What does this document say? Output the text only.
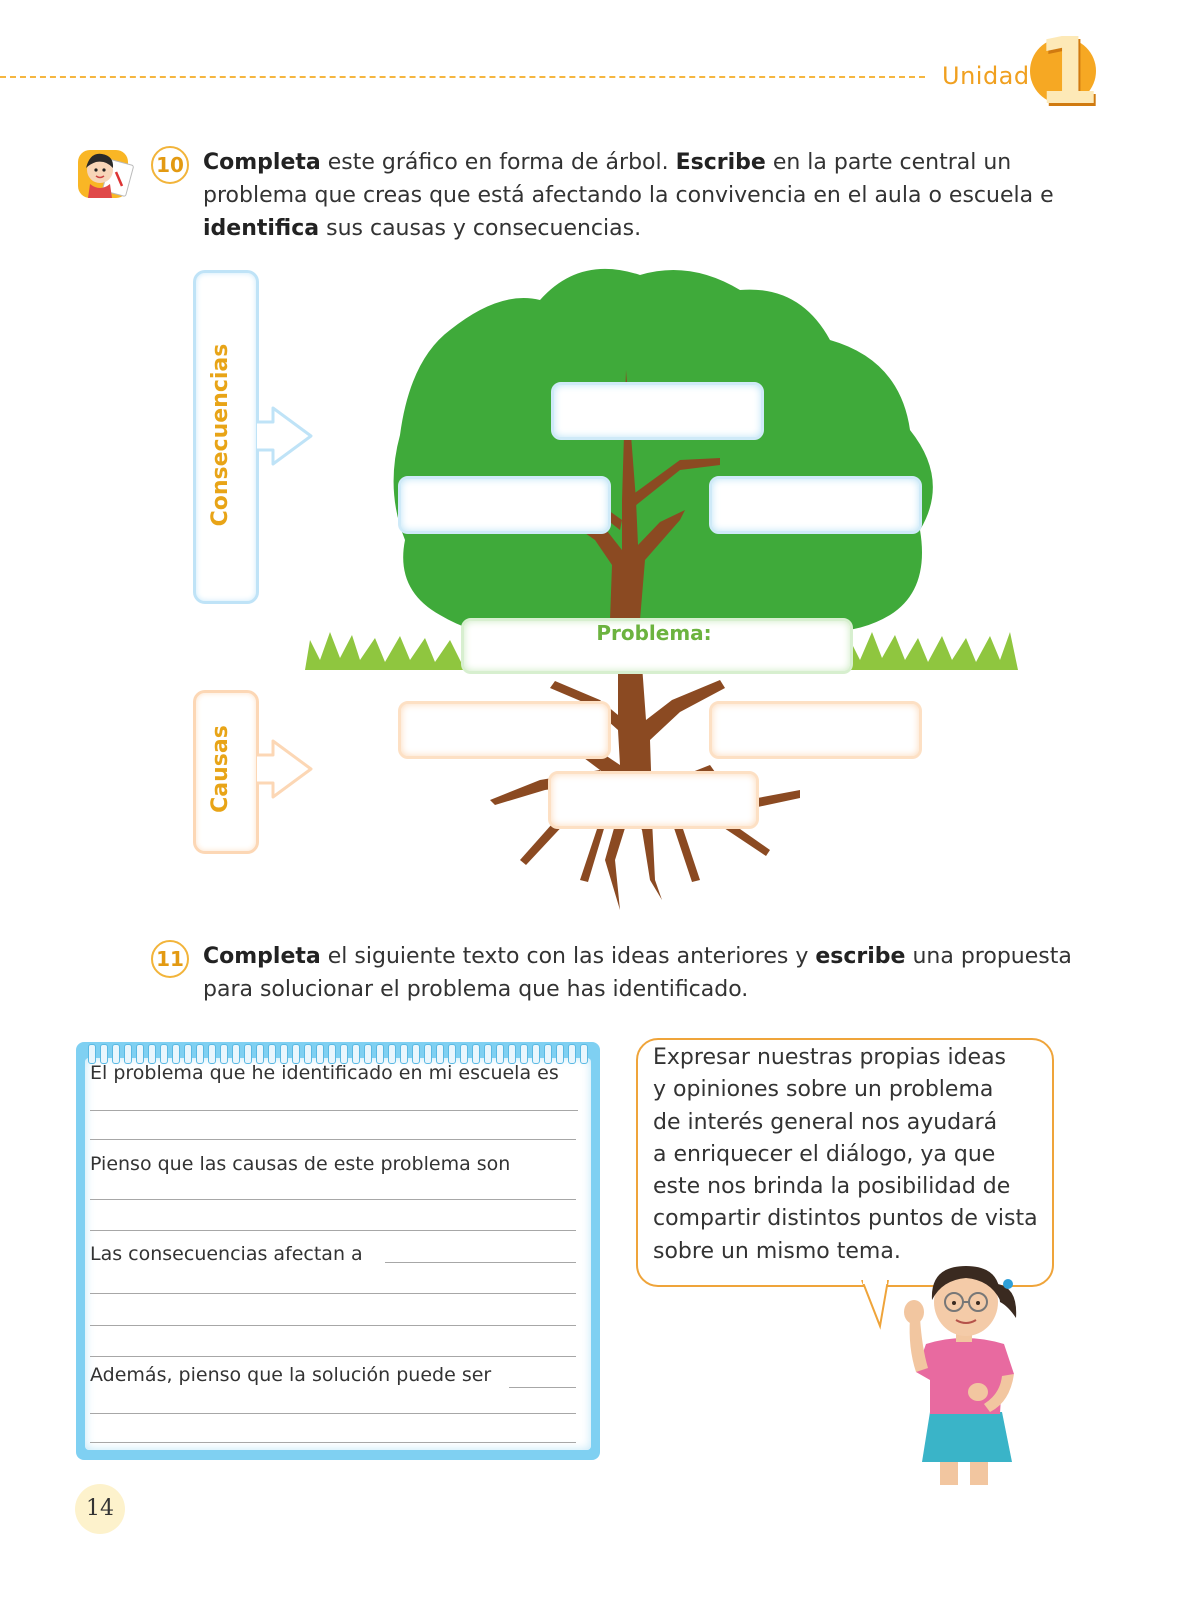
Unidad 1
10 Completa este gráfico en forma de árbol. Escribe en la parte central un problema que creas que está afectando la convivencia en el aula o escuela e identifica sus causas y consecuencias.
Consecuencias
Causas
Problema:
11 Completa el siguiente texto con las ideas anteriores y escribe una propuesta para solucionar el problema que has identificado.
El problema que he identificado en mi escuela es
Pienso que las causas de este problema son
Las consecuencias afectan a
Además, pienso que la solución puede ser
Expresar nuestras propias ideas
y opiniones sobre un problema
de interés general nos ayudará
a enriquecer el diálogo, ya que
este nos brinda la posibilidad de
compartir distintos puntos de vista
sobre un mismo tema.
14
